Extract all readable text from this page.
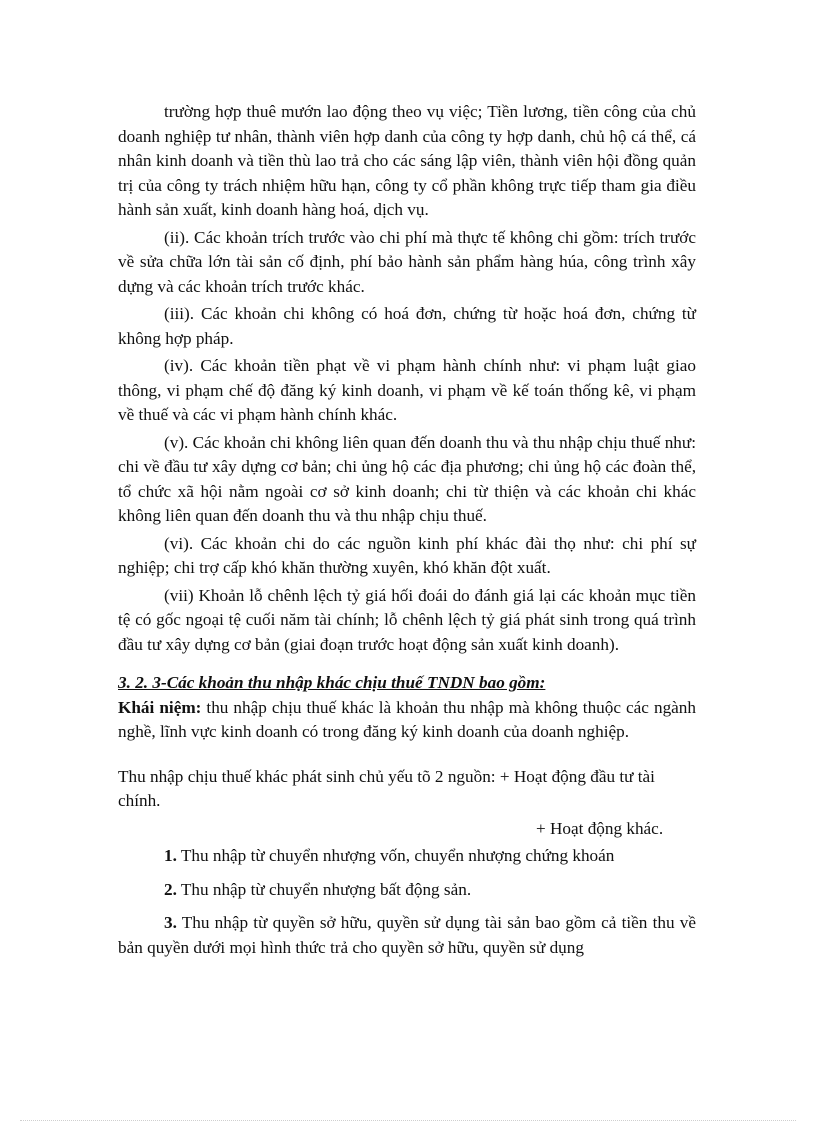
trường hợp thuê mướn lao động theo vụ việc; Tiền lương, tiền công của chủ doanh nghiệp tư nhân, thành viên hợp danh của công ty hợp danh, chủ hộ cá thể, cá nhân kinh doanh và tiền thù lao trả cho các sáng lập viên, thành viên hội đồng quản trị của công ty trách nhiệm hữu hạn, công ty cổ phần không trực tiếp tham gia điều hành sản xuất, kinh doanh hàng hoá, dịch vụ.

(ii). Các khoản trích trước vào chi phí mà thực tế không chi gồm: trích trước về sửa chữa lớn tài sản cố định, phí bảo hành sản phẩm hàng húa, công trình xây dựng và các khoản trích trước khác.

(iii). Các khoản chi không có hoá đơn, chứng từ hoặc hoá đơn, chứng từ không hợp pháp.

(iv). Các khoản tiền phạt về vi phạm hành chính như: vi phạm luật giao thông, vi phạm chế độ đăng ký kinh doanh, vi phạm về kế toán thống kê, vi phạm về thuế và các vi phạm hành chính khác.

(v). Các khoản chi không liên quan đến doanh thu và thu nhập chịu thuế như: chi về đầu tư xây dựng cơ bản; chi ủng hộ các địa phương; chi ủng hộ các đoàn thể, tổ chức xã hội nằm ngoài cơ sở kinh doanh; chi từ thiện và các khoản chi khác không liên quan đến doanh thu và thu nhập chịu thuế.

(vi). Các khoản chi do các nguồn kinh phí khác đài thọ như: chi phí sự nghiệp; chi trợ cấp khó khăn thường xuyên, khó khăn đột xuất.

(vii) Khoản lỗ chênh lệch tỷ giá hối đoái do đánh giá lại các khoản mục tiền tệ có gốc ngoại tệ cuối năm tài chính; lỗ chênh lệch tỷ giá phát sinh trong quá trình đầu tư xây dựng cơ bản (giai đoạn trước hoạt động sản xuất kinh doanh).

3. 2. 3-Các khoản thu nhập khác chịu thuế TNDN bao gồm:

Khái niệm: thu nhập chịu thuế khác là khoản thu nhập mà không thuộc các ngành nghề, lĩnh vực kinh doanh có trong đăng ký kinh doanh của doanh nghiệp.

Thu nhập chịu thuế khác phát sinh chủ yếu tõ 2 nguồn: + Hoạt động đầu tư tài chính.

+ Hoạt động khác.

1. Thu nhập từ chuyển nhượng vốn, chuyển nhượng chứng khoán

2. Thu nhập từ chuyển nhượng bất động sản.

3. Thu nhập từ quyền sở hữu, quyền sử dụng tài sản bao gồm cả tiền thu về bản quyền dưới mọi hình thức trả cho quyền sở hữu, quyền sử dụng
